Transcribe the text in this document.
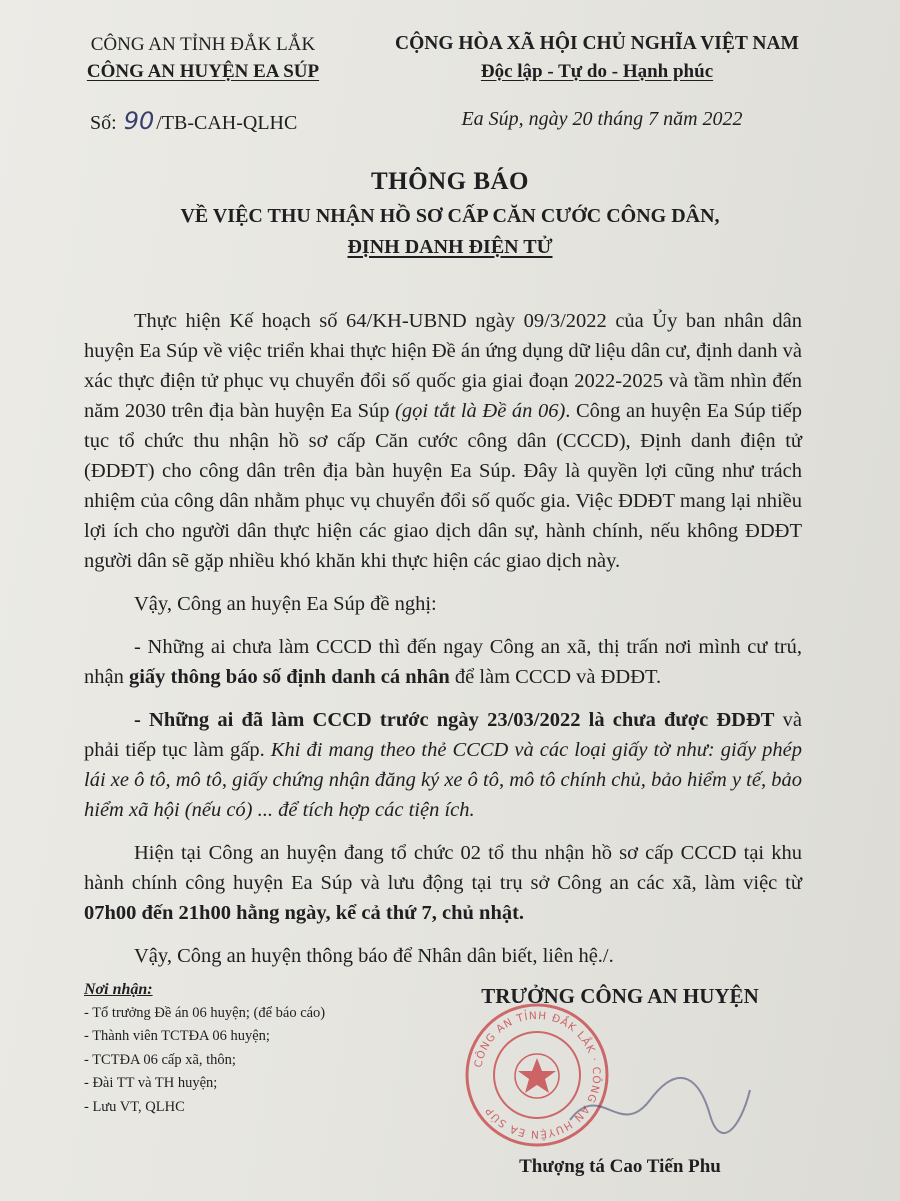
CÔNG AN TỈNH ĐẮK LẮK
CÔNG AN HUYỆN EA SÚP
Số: 90 /TB-CAH-QLHC
CỘNG HÒA XÃ HỘI CHỦ NGHĨA VIỆT NAM
Độc lập - Tự do - Hạnh phúc
Ea Súp, ngày 20 tháng 7 năm 2022
THÔNG BÁO
VỀ VIỆC THU NHẬN HỒ SƠ CẤP CĂN CƯỚC CÔNG DÂN,
ĐỊNH DANH ĐIỆN TỬ

Thực hiện Kế hoạch số 64/KH-UBND ngày 09/3/2022 của Ủy ban nhân dân huyện Ea Súp về việc triển khai thực hiện Đề án ứng dụng dữ liệu dân cư, định danh và xác thực điện tử phục vụ chuyển đổi số quốc gia giai đoạn 2022-2025 và tầm nhìn đến năm 2030 trên địa bàn huyện Ea Súp (gọi tắt là Đề án 06). Công an huyện Ea Súp tiếp tục tổ chức thu nhận hồ sơ cấp Căn cước công dân (CCCD), Định danh điện tử (ĐDĐT) cho công dân trên địa bàn huyện Ea Súp. Đây là quyền lợi cũng như trách nhiệm của công dân nhằm phục vụ chuyển đổi số quốc gia. Việc ĐDĐT mang lại nhiều lợi ích cho người dân thực hiện các giao dịch dân sự, hành chính, nếu không ĐDĐT người dân sẽ gặp nhiều khó khăn khi thực hiện các giao dịch này.

Vậy, Công an huyện Ea Súp đề nghị:

- Những ai chưa làm CCCD thì đến ngay Công an xã, thị trấn nơi mình cư trú, nhận giấy thông báo số định danh cá nhân để làm CCCD và ĐDĐT.

- Những ai đã làm CCCD trước ngày 23/03/2022 là chưa được ĐDĐT và phải tiếp tục làm gấp. Khi đi mang theo thẻ CCCD và các loại giấy tờ như: giấy phép lái xe ô tô, mô tô, giấy chứng nhận đăng ký xe ô tô, mô tô chính chủ, bảo hiểm y tế, bảo hiểm xã hội (nếu có) ... để tích hợp các tiện ích.

Hiện tại Công an huyện đang tổ chức 02 tổ thu nhận hồ sơ cấp CCCD tại khu hành chính công huyện Ea Súp và lưu động tại trụ sở Công an các xã, làm việc từ 07h00 đến 21h00 hằng ngày, kể cả thứ 7, chủ nhật.

Vậy, Công an huyện thông báo để Nhân dân biết, liên hệ./.

Nơi nhận:
- Tổ trưởng Đề án 06 huyện; (để báo cáo)
- Thành viên TCTĐA 06 huyện;
- TCTĐA 06 cấp xã, thôn;
- Đài TT và TH huyện;
- Lưu VT, QLHC
TRƯỞNG CÔNG AN HUYỆN
CÔNG AN TỈNH ĐẮK LẮK · CÔNG AN HUYỆN EA SÚP
Thượng tá Cao Tiến Phu
